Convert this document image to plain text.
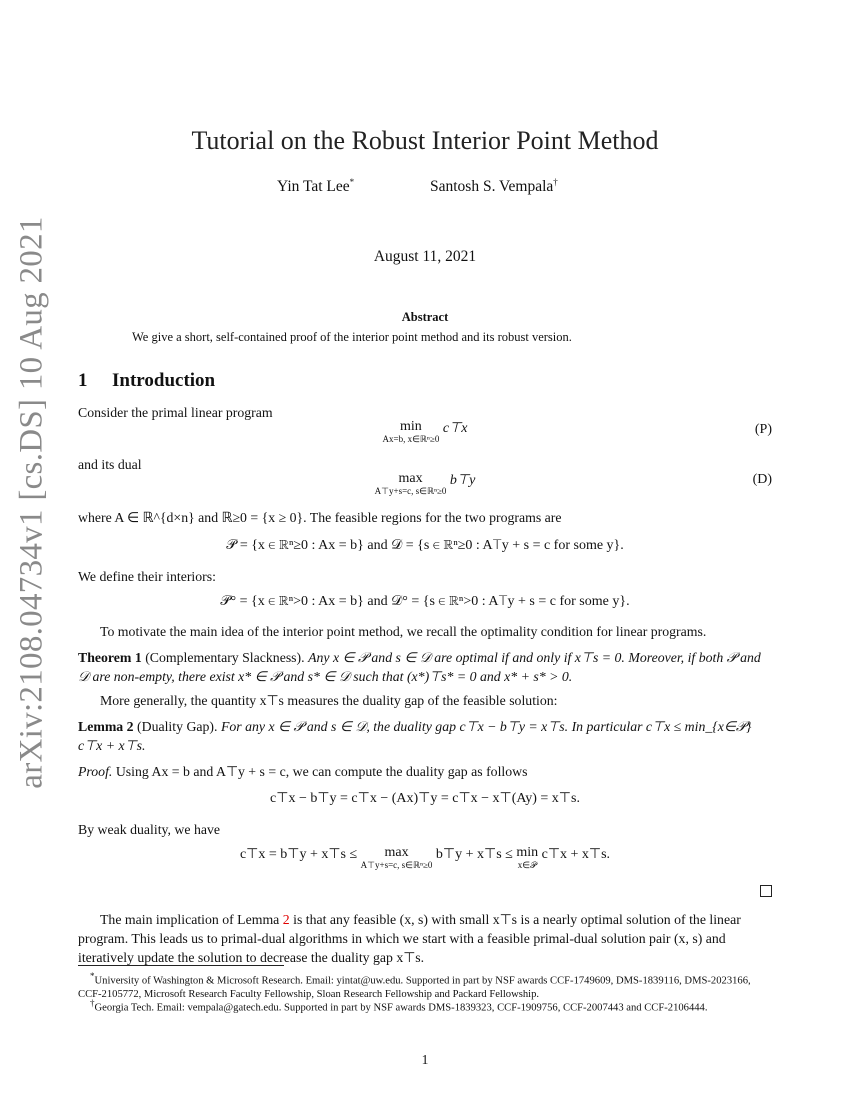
arXiv:2108.04734v1 [cs.DS] 10 Aug 2021
Tutorial on the Robust Interior Point Method
Yin Tat Lee*	Santosh S. Vempala†
August 11, 2021
Abstract
We give a short, self-contained proof of the interior point method and its robust version.
1 Introduction
Consider the primal linear program
min
Ax=b, x∈ℝⁿ≥0
c⊤x	(P)
and its dual
max
A⊤y+s=c, s∈ℝⁿ≥0
b⊤y	(D)
where A ∈ ℝ^{d×n} and ℝ≥0 = {x ≥ 0}. The feasible regions for the two programs are
𝒫 = {x ∈ ℝⁿ≥0 : Ax = b} and 𝒟 = {s ∈ ℝⁿ≥0 : A⊤y + s = c for some y}.
We define their interiors:
𝒫° = {x ∈ ℝⁿ>0 : Ax = b} and 𝒟° = {s ∈ ℝⁿ>0 : A⊤y + s = c for some y}.
To motivate the main idea of the interior point method, we recall the optimality condition for linear programs.
Theorem 1 (Complementary Slackness). Any x ∈ 𝒫 and s ∈ 𝒟 are optimal if and only if x⊤s = 0. Moreover, if both 𝒫 and 𝒟 are non-empty, there exist x* ∈ 𝒫 and s* ∈ 𝒟 such that (x*)⊤s* = 0 and x* + s* > 0.
More generally, the quantity x⊤s measures the duality gap of the feasible solution:
Lemma 2 (Duality Gap). For any x ∈ 𝒫 and s ∈ 𝒟, the duality gap c⊤x − b⊤y = x⊤s. In particular c⊤x ≤ min_{x∈𝒫} c⊤x + x⊤s.
Proof. Using Ax = b and A⊤y + s = c, we can compute the duality gap as follows
c⊤x − b⊤y = c⊤x − (Ax)⊤y = c⊤x − x⊤(Ay) = x⊤s.
By weak duality, we have
c⊤x = b⊤y + x⊤s ≤ max
A⊤y+s=c, s∈ℝⁿ≥0
b⊤y + x⊤s ≤ min
x∈𝒫
c⊤x + x⊤s.
The main implication of Lemma 2 is that any feasible (x, s) with small x⊤s is a nearly optimal solution of the linear program. This leads us to primal-dual algorithms in which we start with a feasible primal-dual solution pair (x, s) and iteratively update the solution to decrease the duality gap x⊤s.
*University of Washington & Microsoft Research. Email: yintat@uw.edu. Supported in part by NSF awards CCF-1749609, DMS-1839116, DMS-2023166, CCF-2105772, Microsoft Research Faculty Fellowship, Sloan Research Fellowship and Packard Fellowship.
†Georgia Tech. Email: vempala@gatech.edu. Supported in part by NSF awards DMS-1839323, CCF-1909756, CCF-2007443 and CCF-2106444.
1
